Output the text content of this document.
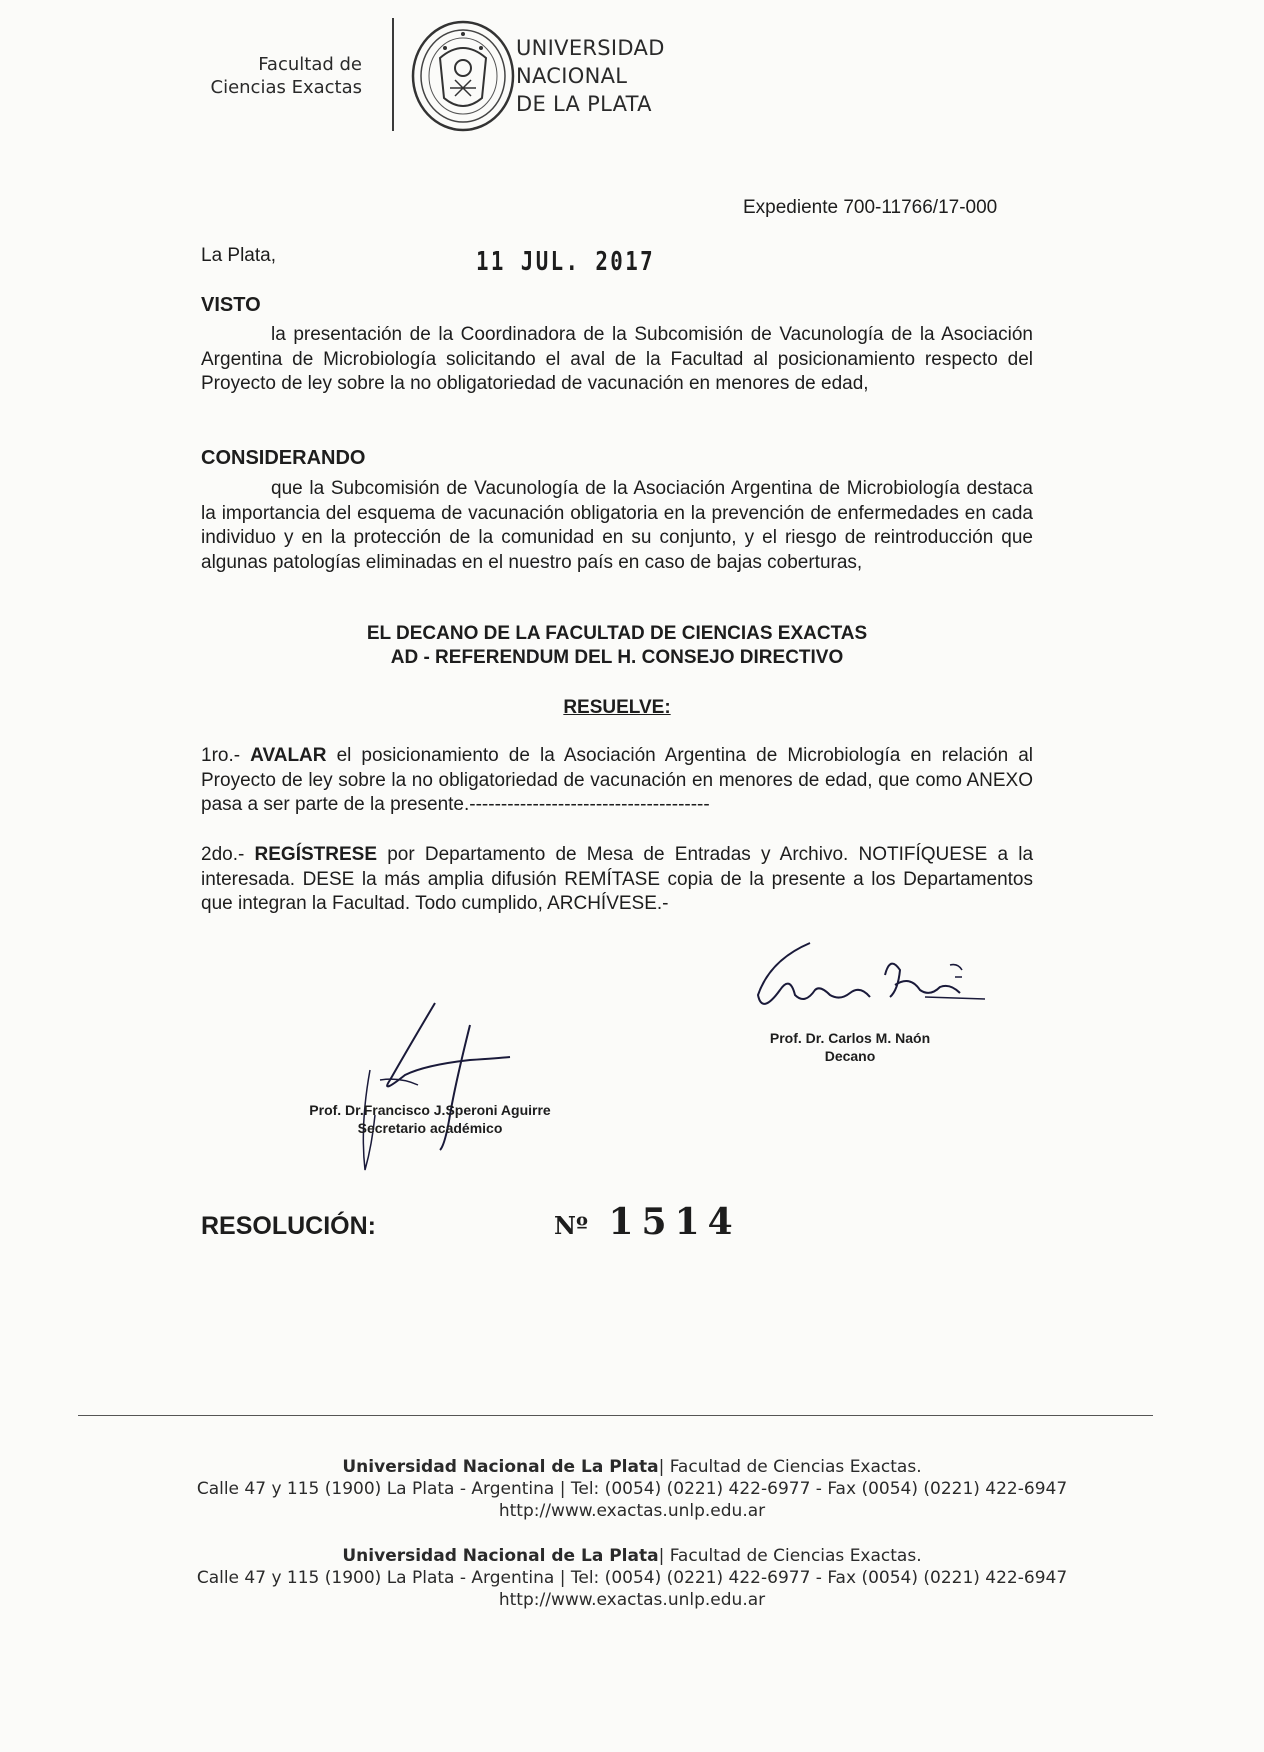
Facultad de
Ciencias Exactas
UNIVERSIDAD
NACIONAL
DE LA PLATA
Expediente 700-11766/17-000
La Plata,	11 JUL. 2017
VISTO
la presentación de la Coordinadora de la Subcomisión de Vacunología de la Asociación Argentina de Microbiología solicitando el aval de la Facultad al posicionamiento respecto del Proyecto de ley sobre la no obligatoriedad de vacunación en menores de edad,
CONSIDERANDO
que la Subcomisión de Vacunología de la Asociación Argentina de Microbiología destaca la importancia del esquema de vacunación obligatoria en la prevención de enfermedades en cada individuo y en la protección de la comunidad en su conjunto, y el riesgo de reintroducción que algunas patologías eliminadas en el nuestro país en caso de bajas coberturas,
EL DECANO DE LA FACULTAD DE CIENCIAS EXACTAS
AD - REFERENDUM DEL H. CONSEJO DIRECTIVO
RESUELVE:
1ro.- AVALAR el posicionamiento de la Asociación Argentina de Microbiología en relación al Proyecto de ley sobre la no obligatoriedad de vacunación en menores de edad, que como ANEXO pasa a ser parte de la presente.--------------------------------------
2do.- REGÍSTRESE por Departamento de Mesa de Entradas y Archivo. NOTIFÍQUESE a la interesada. DESE la más amplia difusión REMÍTASE copia de la presente a los Departamentos que integran la Facultad. Todo cumplido, ARCHÍVESE.-
Prof. Dr. Carlos M. Naón
Decano
Prof. Dr.Francisco J.Speroni Aguirre
Secretario académico
RESOLUCIÓN:	Nº 1514
Universidad Nacional de La Plata| Facultad de Ciencias Exactas.
Calle 47 y 115 (1900) La Plata - Argentina | Tel: (0054) (0221) 422-6977 - Fax (0054) (0221) 422-6947
http://www.exactas.unlp.edu.ar
Universidad Nacional de La Plata| Facultad de Ciencias Exactas.
Calle 47 y 115 (1900) La Plata - Argentina | Tel: (0054) (0221) 422-6977 - Fax (0054) (0221) 422-6947
http://www.exactas.unlp.edu.ar
